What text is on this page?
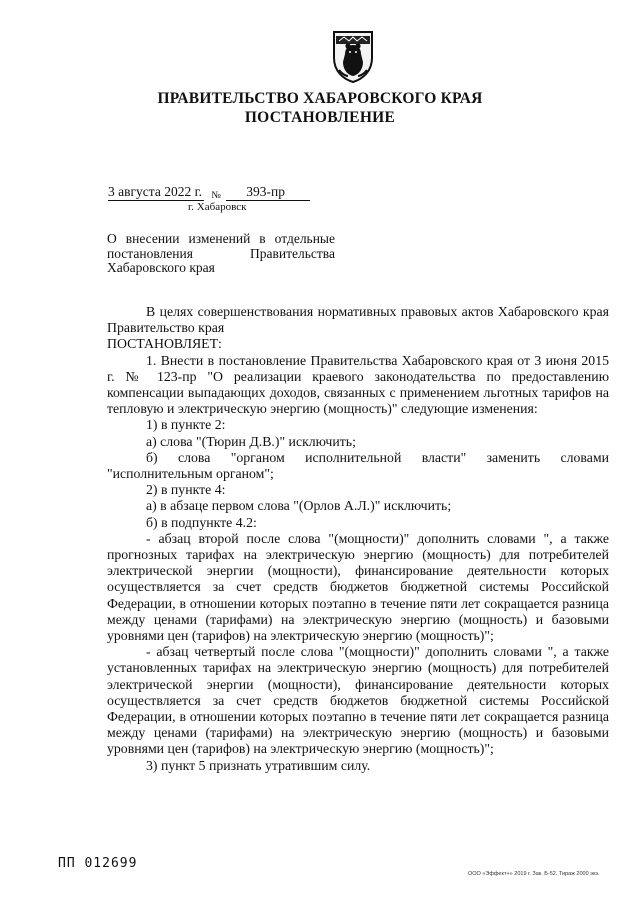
ПРАВИТЕЛЬСТВО ХАБАРОВСКОГО КРАЯ
ПОСТАНОВЛЕНИЕ
3 августа 2022 г. № 393-пр
г. Хабаровск
О внесении изменений в отдельные
постановления Правительства
Хабаровского края

В целях совершенствования нормативных правовых актов Хабаровского края Правительство края

ПОСТАНОВЛЯЕТ:

1. Внести в постановление Правительства Хабаровского края от 3 июня 2015 г. № 123-пр "О реализации краевого законодательства по предоставлению компенсации выпадающих доходов, связанных с применением льготных тарифов на тепловую и электрическую энергию (мощность)" следующие изменения:

1) в пункте 2:

а) слова "(Тюрин Д.В.)" исключить;

б) слова "органом исполнительной власти" заменить словами "исполнительным органом";

2) в пункте 4:

а) в абзаце первом слова "(Орлов А.Л.)" исключить;

б) в подпункте 4.2:

- абзац второй после слова "(мощности)" дополнить словами ", а также прогнозных тарифах на электрическую энергию (мощность) для потребителей электрической энергии (мощности), финансирование деятельности которых осуществляется за счет средств бюджетов бюджетной системы Российской Федерации, в отношении которых поэтапно в течение пяти лет сокращается разница между ценами (тарифами) на электрическую энергию (мощность) и базовыми уровнями цен (тарифов) на электрическую энергию (мощность)";

- абзац четвертый после слова "(мощности)" дополнить словами ", а также установленных тарифах на электрическую энергию (мощность) для потребителей электрической энергии (мощности), финансирование деятельности которых осуществляется за счет средств бюджетов бюджетной системы Российской Федерации, в отношении которых поэтапно в течение пяти лет сокращается разница между ценами (тарифами) на электрическую энергию (мощность) и базовыми уровнями цен (тарифов) на электрическую энергию (мощность)";

3) пункт 5 признать утратившим силу.

ПП 012699
ООО «Эффект+» 2019 г. Зак. Б-52. Тираж 2000 экз.
